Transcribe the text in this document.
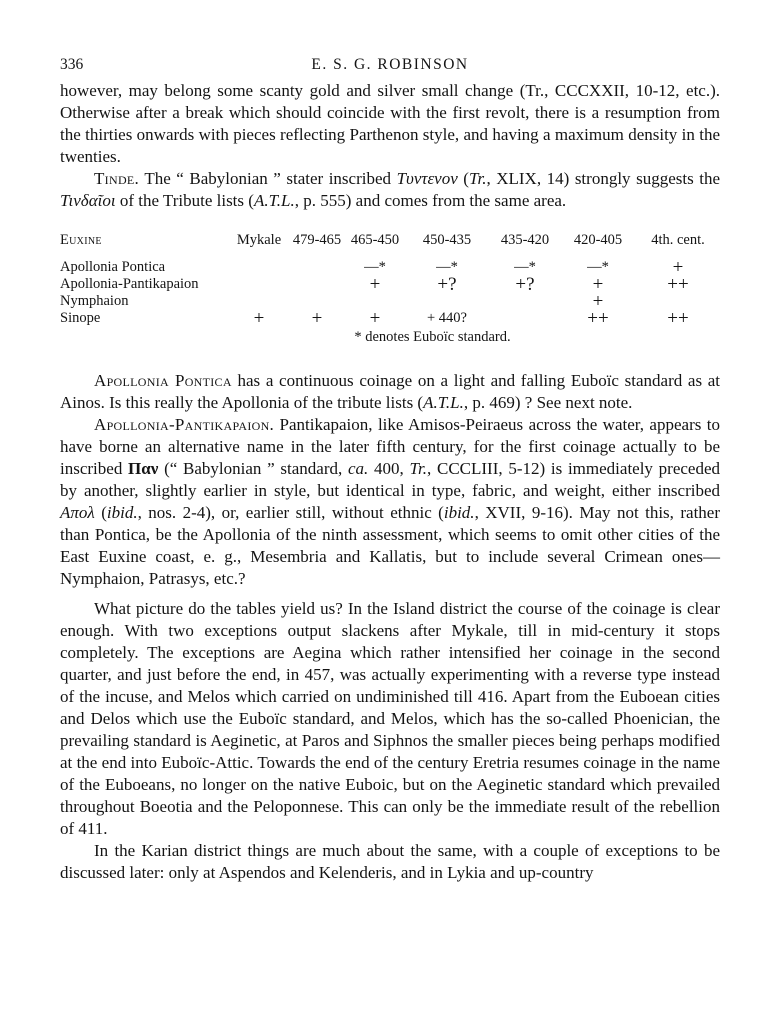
336	E. S. G. ROBINSON

however, may belong some scanty gold and silver small change (Tr., CCCXXII, 10-12, etc.). Otherwise after a break which should coincide with the first revolt, there is a resumption from the thirties onwards with pieces reflecting Parthenon style, and having a maximum density in the twenties.

Tinde. The “ Babylonian ” stater inscribed Τυντενον (Tr., XLIX, 14) strongly suggests the Τινδαῖοι of the Tribute lists (A.T.L., p. 555) and comes from the same area.

Euxine	Mykale	479-465	465-450	450-435	435-420	420-405	4th. cent.
Apollonia Pontica			—*	—*	—*	—*	+
Apollonia-Pantikapaion			+	+?	+?	+	++
Nymphaion						+	
Sinope	+	+	+	+ 440?		++	++
* denotes Euboïc standard.

Apollonia Pontica has a continuous coinage on a light and falling Euboïc standard as at Ainos. Is this really the Apollonia of the tribute lists (A.T.L., p. 469) ? See next note.

Apollonia-Pantikapaion. Pantikapaion, like Amisos-Peiraeus across the water, appears to have borne an alternative name in the later fifth century, for the first coinage actually to be inscribed Παν (“ Babylonian ” standard, ca. 400, Tr., CCCLIII, 5-12) is immediately preceded by another, slightly earlier in style, but identical in type, fabric, and weight, either inscribed Απολ (ibid., nos. 2-4), or, earlier still, without ethnic (ibid., XVII, 9-16). May not this, rather than Pontica, be the Apollonia of the ninth assessment, which seems to omit other cities of the East Euxine coast, e. g., Mesembria and Kallatis, but to include several Crimean ones—Nymphaion, Patrasys, etc.?

What picture do the tables yield us? In the Island district the course of the coinage is clear enough. With two exceptions output slackens after Mykale, till in mid-century it stops completely. The exceptions are Aegina which rather intensified her coinage in the second quarter, and just before the end, in 457, was actually experimenting with a reverse type instead of the incuse, and Melos which carried on undiminished till 416. Apart from the Euboean cities and Delos which use the Euboïc standard, and Melos, which has the so-called Phoenician, the prevailing standard is Aeginetic, at Paros and Siphnos the smaller pieces being perhaps modified at the end into Euboïc-Attic. Towards the end of the century Eretria resumes coinage in the name of the Euboeans, no longer on the native Euboic, but on the Aeginetic standard which prevailed throughout Boeotia and the Peloponnese. This can only be the immediate result of the rebellion of 411.

In the Karian district things are much about the same, with a couple of exceptions to be discussed later: only at Aspendos and Kelenderis, and in Lykia and up-country
